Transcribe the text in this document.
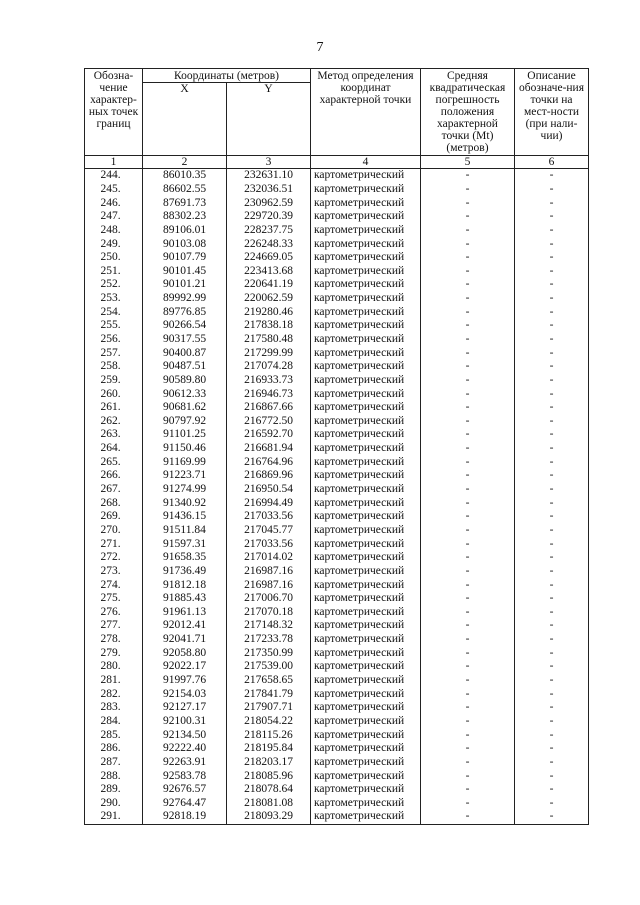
7
Обозна-чение характер-ных точек границ	Координаты (метров)		Метод определения координат характерной точки	Средняя квадратическая погрешность положения характерной точки (Mt) (метров)	Описание обозначе-ния точки на мест-ности (при нали-чии)
	X	Y			
1	2	3	4	5	6
244.	86010.35	232631.10	картометрический	-	-
245.	86602.55	232036.51	картометрический	-	-
246.	87691.73	230962.59	картометрический	-	-
247.	88302.23	229720.39	картометрический	-	-
248.	89106.01	228237.75	картометрический	-	-
249.	90103.08	226248.33	картометрический	-	-
250.	90107.79	224669.05	картометрический	-	-
251.	90101.45	223413.68	картометрический	-	-
252.	90101.21	220641.19	картометрический	-	-
253.	89992.99	220062.59	картометрический	-	-
254.	89776.85	219280.46	картометрический	-	-
255.	90266.54	217838.18	картометрический	-	-
256.	90317.55	217580.48	картометрический	-	-
257.	90400.87	217299.99	картометрический	-	-
258.	90487.51	217074.28	картометрический	-	-
259.	90589.80	216933.73	картометрический	-	-
260.	90612.33	216946.73	картометрический	-	-
261.	90681.62	216867.66	картометрический	-	-
262.	90797.92	216772.50	картометрический	-	-
263.	91101.25	216592.70	картометрический	-	-
264.	91150.46	216681.94	картометрический	-	-
265.	91169.99	216764.96	картометрический	-	-
266.	91223.71	216869.96	картометрический	-	-
267.	91274.99	216950.54	картометрический	-	-
268.	91340.92	216994.49	картометрический	-	-
269.	91436.15	217033.56	картометрический	-	-
270.	91511.84	217045.77	картометрический	-	-
271.	91597.31	217033.56	картометрический	-	-
272.	91658.35	217014.02	картометрический	-	-
273.	91736.49	216987.16	картометрический	-	-
274.	91812.18	216987.16	картометрический	-	-
275.	91885.43	217006.70	картометрический	-	-
276.	91961.13	217070.18	картометрический	-	-
277.	92012.41	217148.32	картометрический	-	-
278.	92041.71	217233.78	картометрический	-	-
279.	92058.80	217350.99	картометрический	-	-
280.	92022.17	217539.00	картометрический	-	-
281.	91997.76	217658.65	картометрический	-	-
282.	92154.03	217841.79	картометрический	-	-
283.	92127.17	217907.71	картометрический	-	-
284.	92100.31	218054.22	картометрический	-	-
285.	92134.50	218115.26	картометрический	-	-
286.	92222.40	218195.84	картометрический	-	-
287.	92263.91	218203.17	картометрический	-	-
288.	92583.78	218085.96	картометрический	-	-
289.	92676.57	218078.64	картометрический	-	-
290.	92764.47	218081.08	картометрический	-	-
291.	92818.19	218093.29	картометрический	-	-
